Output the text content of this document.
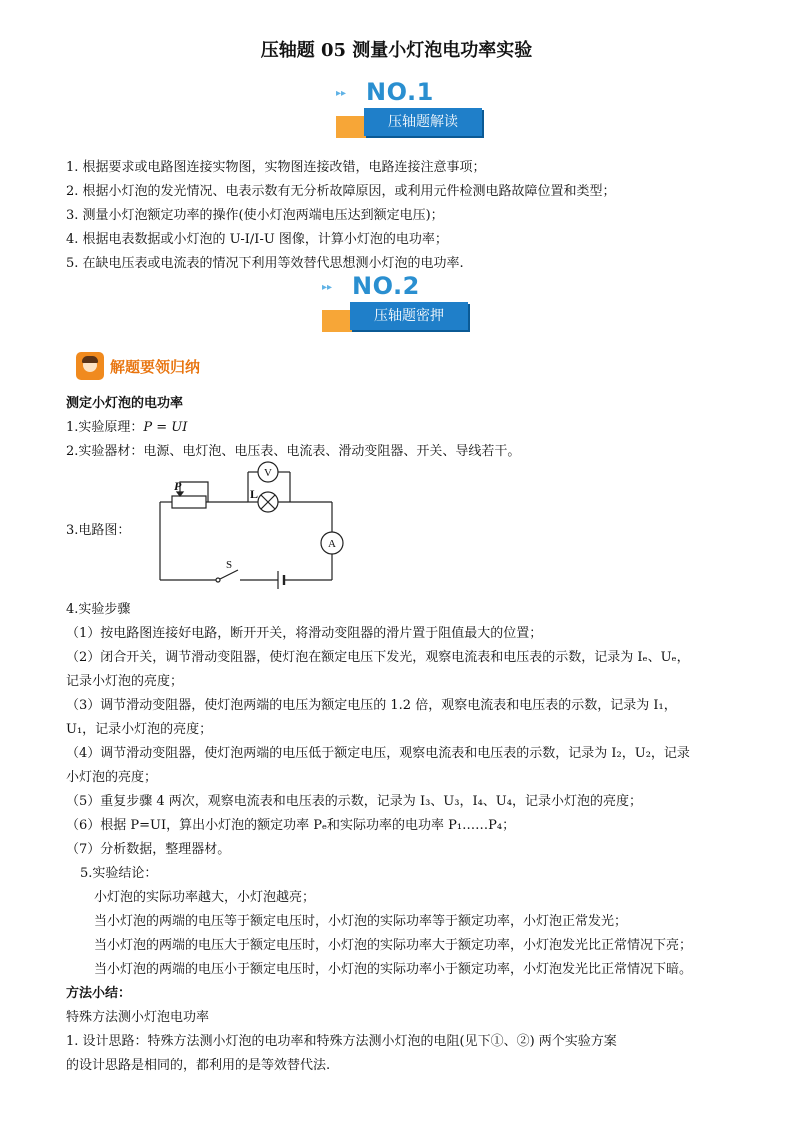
压轴题 05 测量小灯泡电功率实验
▸▸ NO.1
压轴题解读
1. 根据要求或电路图连接实物图，实物图连接改错，电路连接注意事项；
2. 根据小灯泡的发光情况、电表示数有无分析故障原因，或利用元件检测电路故障位置和类型；
3. 测量小灯泡额定功率的操作(使小灯泡两端电压达到额定电压)；
4. 根据电表数据或小灯泡的 U-I/I-U 图像，计算小灯泡的电功率；
5. 在缺电压表或电流表的情况下利用等效替代思想测小灯泡的电功率.
▸▸ NO.2
压轴题密押
解题要领归纳
测定小灯泡的电功率
1.实验原理：P = UI
2.实验器材：电源、电灯泡、电压表、电流表、滑动变阻器、开关、导线若干。
3.电路图：
P
L
V
A
S
4.实验步骤
（1）按电路图连接好电路，断开开关，将滑动变阻器的滑片置于阻值最大的位置；
（2）闭合开关，调节滑动变阻器，使灯泡在额定电压下发光，观察电流表和电压表的示数，记录为 Iₑ、Uₑ，
记录小灯泡的亮度；
（3）调节滑动变阻器，使灯泡两端的电压为额定电压的 1.2 倍，观察电流表和电压表的示数，记录为 I₁，
U₁，记录小灯泡的亮度；
（4）调节滑动变阻器，使灯泡两端的电压低于额定电压，观察电流表和电压表的示数，记录为 I₂，U₂，记录
小灯泡的亮度；
（5）重复步骤 4 两次，观察电流表和电压表的示数，记录为 I₃、U₃，I₄、U₄，记录小灯泡的亮度；
（6）根据 P=UI，算出小灯泡的额定功率 Pₑ和实际功率的电功率 P₁……P₄；
（7）分析数据，整理器材。
5.实验结论：
小灯泡的实际功率越大，小灯泡越亮；
当小灯泡的两端的电压等于额定电压时，小灯泡的实际功率等于额定功率，小灯泡正常发光；
当小灯泡的两端的电压大于额定电压时，小灯泡的实际功率大于额定功率，小灯泡发光比正常情况下亮；
当小灯泡的两端的电压小于额定电压时，小灯泡的实际功率小于额定功率，小灯泡发光比正常情况下暗。
方法小结：
特殊方法测小灯泡电功率
1. 设计思路：特殊方法测小灯泡的电功率和特殊方法测小灯泡的电阻(见下①、②) 两个实验方案
的设计思路是相同的，都利用的是等效替代法.
